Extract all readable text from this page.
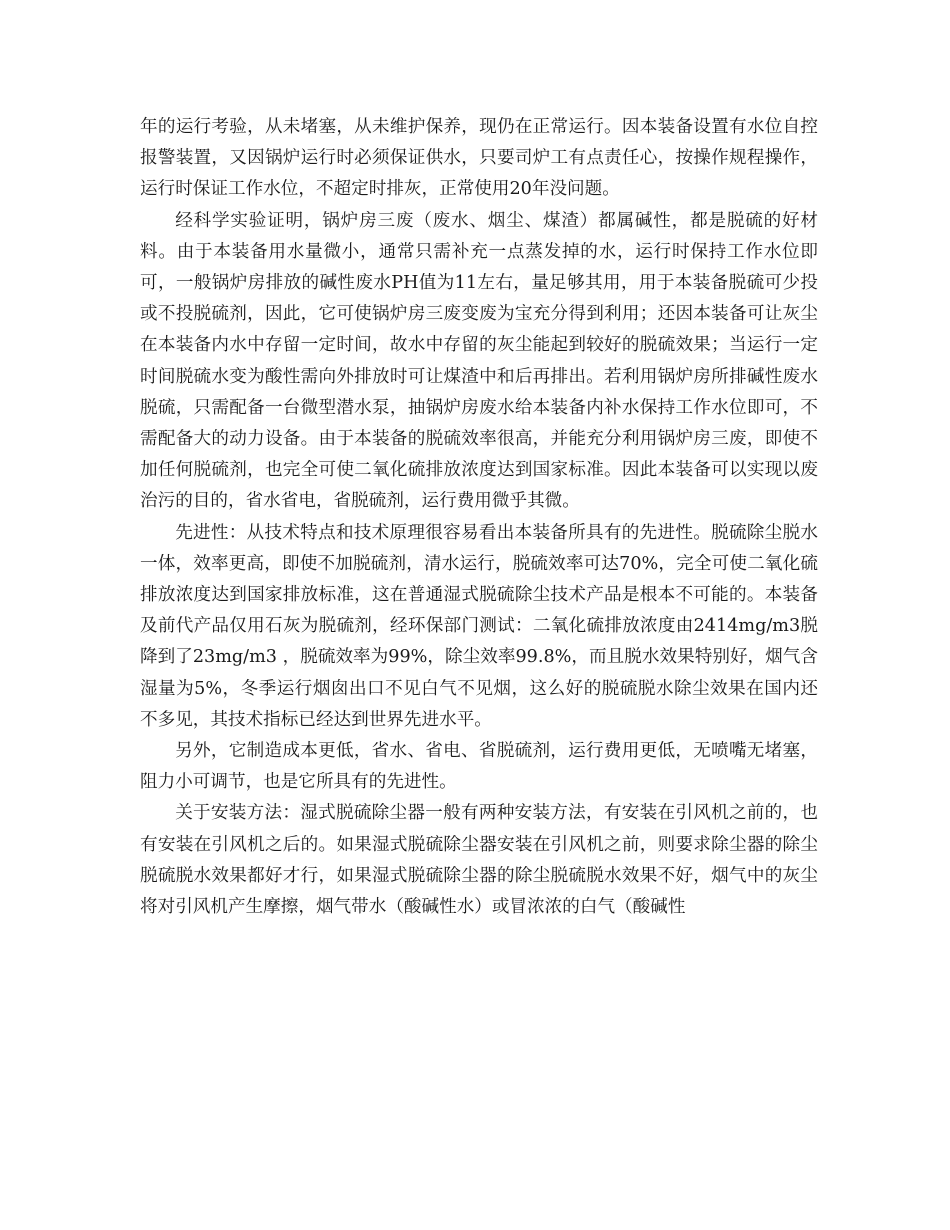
年的运行考验，从未堵塞，从未维护保养，现仍在正常运行。因本装备设置有水位自控报警装置，又因锅炉运行时必须保证供水，只要司炉工有点责任心，按操作规程操作，运行时保证工作水位，不超定时排灰，正常使用20年没问题。

经科学实验证明，锅炉房三废（废水、烟尘、煤渣）都属碱性，都是脱硫的好材料。由于本装备用水量微小，通常只需补充一点蒸发掉的水，运行时保持工作水位即可，一般锅炉房排放的碱性废水PH值为11左右，量足够其用，用于本装备脱硫可少投或不投脱硫剂，因此，它可使锅炉房三废变废为宝充分得到利用；还因本装备可让灰尘在本装备内水中存留一定时间，故水中存留的灰尘能起到较好的脱硫效果；当运行一定时间脱硫水变为酸性需向外排放时可让煤渣中和后再排出。若利用锅炉房所排碱性废水脱硫，只需配备一台微型潜水泵，抽锅炉房废水给本装备内补水保持工作水位即可，不需配备大的动力设备。由于本装备的脱硫效率很高，并能充分利用锅炉房三废，即使不加任何脱硫剂，也完全可使二氧化硫排放浓度达到国家标准。因此本装备可以实现以废治污的目的，省水省电，省脱硫剂，运行费用微乎其微。

先进性：从技术特点和技术原理很容易看出本装备所具有的先进性。脱硫除尘脱水一体，效率更高，即使不加脱硫剂，清水运行，脱硫效率可达70%，完全可使二氧化硫排放浓度达到国家排放标准，这在普通湿式脱硫除尘技术产品是根本不可能的。本装备及前代产品仅用石灰为脱硫剂，经环保部门测试：二氧化硫排放浓度由2414mg/m3脱降到了23mg/m3 ，脱硫效率为99%，除尘效率99.8%，而且脱水效果特别好，烟气含湿量为5%，冬季运行烟囱出口不见白气不见烟，这么好的脱硫脱水除尘效果在国内还不多见，其技术指标已经达到世界先进水平。

另外，它制造成本更低，省水、省电、省脱硫剂，运行费用更低，无喷嘴无堵塞，阻力小可调节，也是它所具有的先进性。

关于安装方法：湿式脱硫除尘器一般有两种安装方法，有安装在引风机之前的，也有安装在引风机之后的。如果湿式脱硫除尘器安装在引风机之前，则要求除尘器的除尘脱硫脱水效果都好才行，如果湿式脱硫除尘器的除尘脱硫脱水效果不好，烟气中的灰尘将对引风机产生摩擦，烟气带水（酸碱性水）或冒浓浓的白气（酸碱性
